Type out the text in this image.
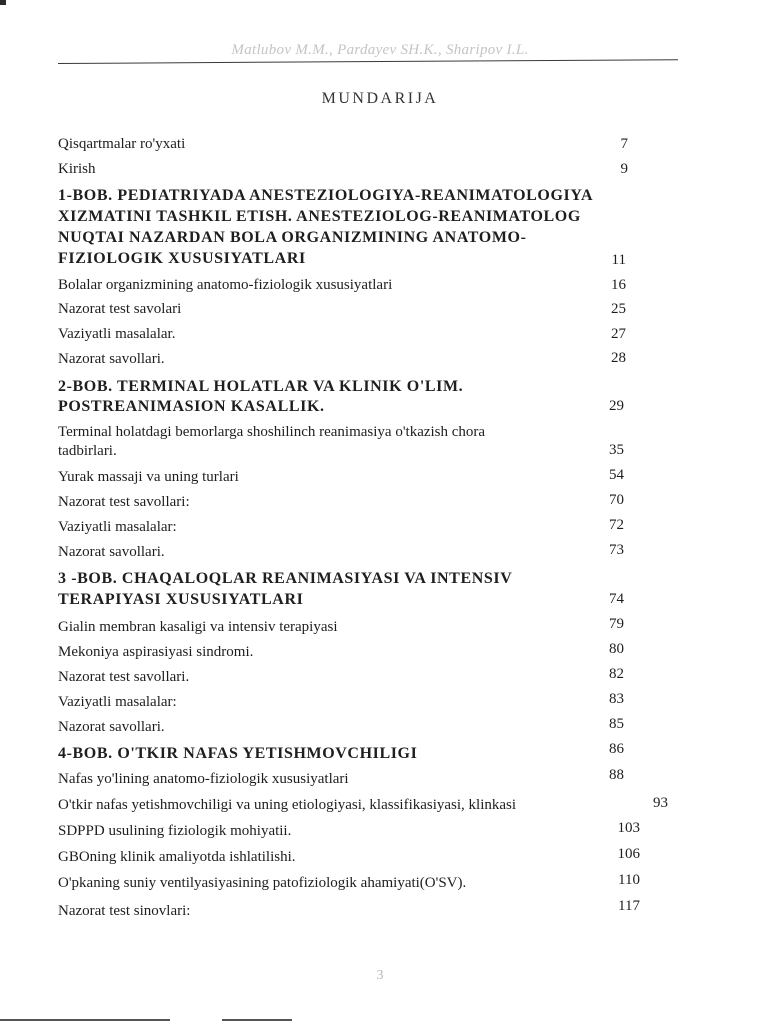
Matlubov M.M., Pardayev SH.K., Sharipov I.L.
MUNDARIJA
Qisqartmalar ro'yxati	7
Kirish	9
1-BOB. PEDIATRIYADA ANESTEZIOLOGIYA-REANIMATOLOGIYA
XIZMATINI TASHKIL ETISH. ANESTEZIOLOG-REANIMATOLOG
NUQTAI NAZARDAN BOLA ORGANIZMINING ANATOMO-
FIZIOLOGIK XUSUSIYATLARI	11
Bolalar organizmining anatomo-fiziologik xususiyatlari	16
Nazorat test savolari	25
Vaziyatli masalalar.	27
Nazorat savollari.	28
2-BOB. TERMINAL HOLATLAR VA KLINIK O'LIM.
POSTREANIMASION KASALLIK.	29
Terminal holatdagi bemorlarga shoshilinch reanimasiya o'tkazish chora
tadbirlari.	35
Yurak massaji va uning turlari	54
Nazorat test savollari:	70
Vaziyatli masalalar:	72
Nazorat savollari.	73
3 -BOB. CHAQALOQLAR REANIMASIYASI VA INTENSIV
TERAPIYASI XUSUSIYATLARI	74
Gialin membran kasaligi va intensiv terapiyasi	79
Mekoniya aspirasiyasi sindromi.	80
Nazorat test savollari.	82
Vaziyatli masalalar:	83
Nazorat savollari.	85
4-BOB. O'TKIR NAFAS YETISHMOVCHILIGI	86
Nafas yo'lining anatomo-fiziologik xususiyatlari	88
O'tkir nafas yetishmovchiligi va uning etiologiyasi, klassifikasiyasi, klinkasi	93
SDPPD usulining fiziologik mohiyatii.	103
GBOning klinik amaliyotda ishlatilishi.	106
O'pkaning suniy ventilyasiyasining patofiziologik ahamiyati(O'SV).	110
Nazorat test sinovlari:	117
3
